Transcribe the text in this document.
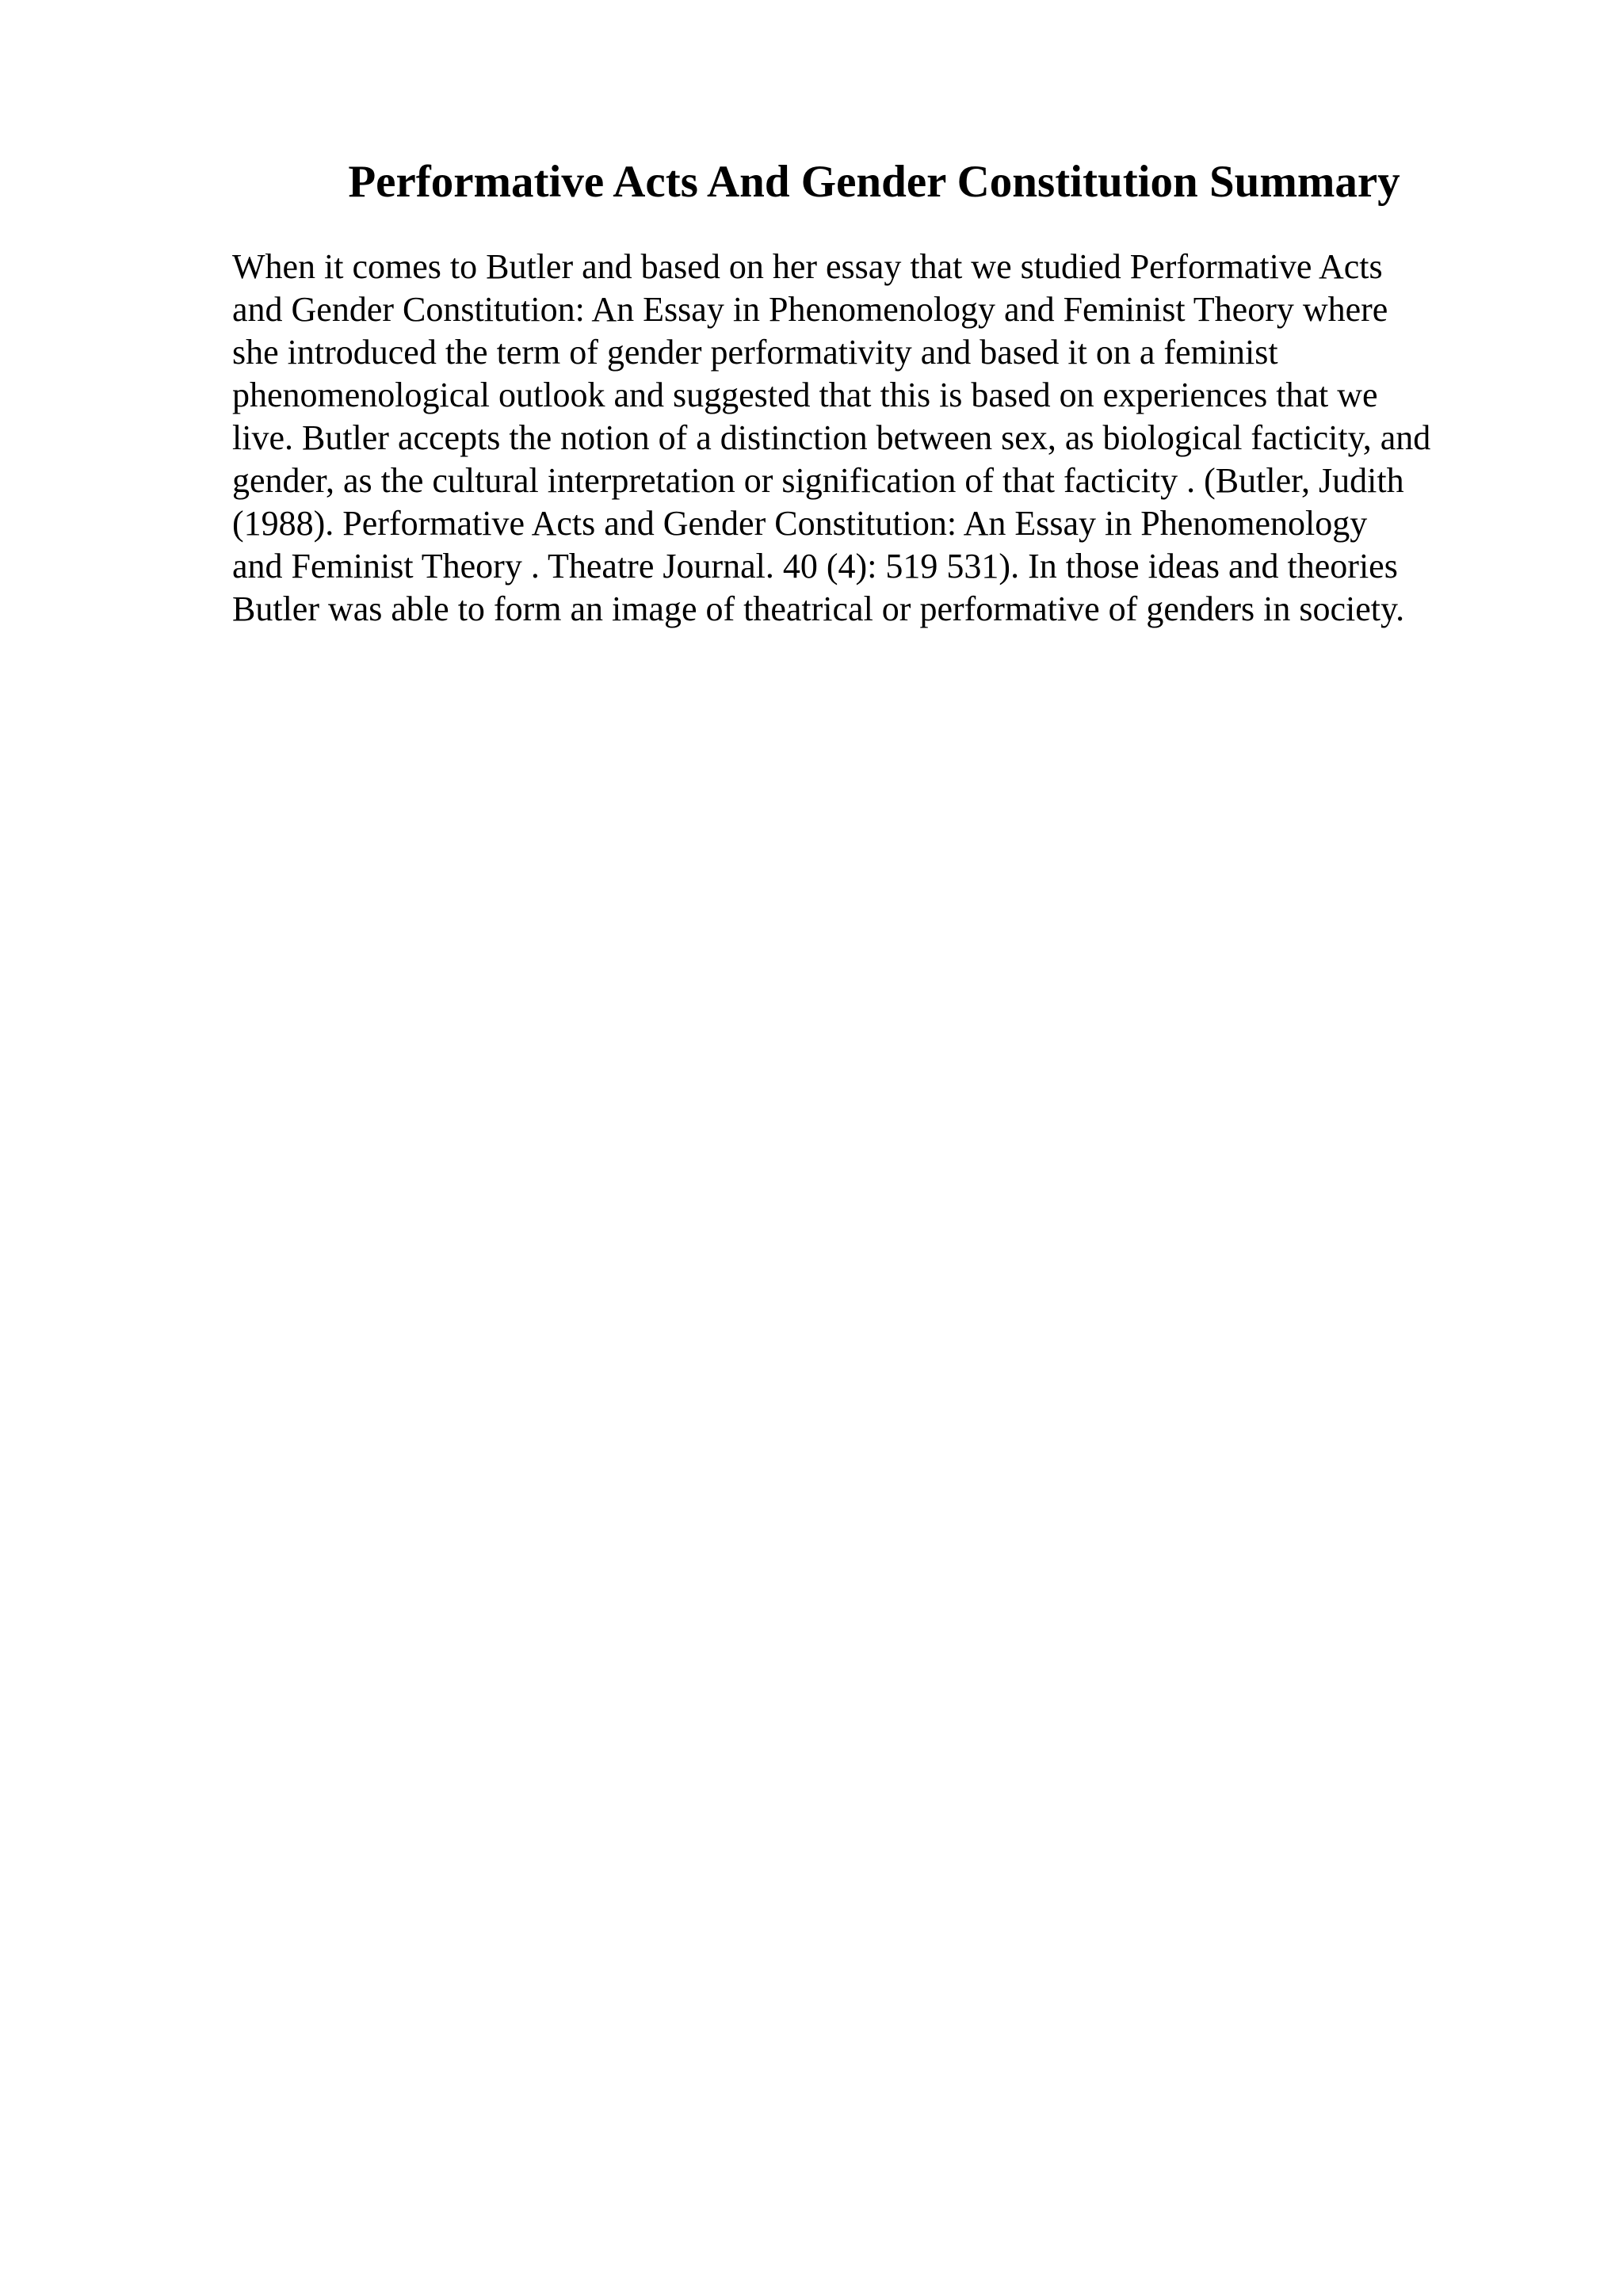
Performative Acts And Gender Constitution Summary

When it comes to Butler and based on her essay that we studied Performative Acts
and Gender Constitution: An Essay in Phenomenology and Feminist Theory where
she introduced the term of gender performativity and based it on a feminist
phenomenological outlook and suggested that this is based on experiences that we
live. Butler accepts the notion of a distinction between sex, as biological facticity, and
gender, as the cultural interpretation or signification of that facticity . (Butler, Judith
(1988). Performative Acts and Gender Constitution: An Essay in Phenomenology
and Feminist Theory . Theatre Journal. 40 (4): 519 531). In those ideas and theories
Butler was able to form an image of theatrical or performative of genders in society.
